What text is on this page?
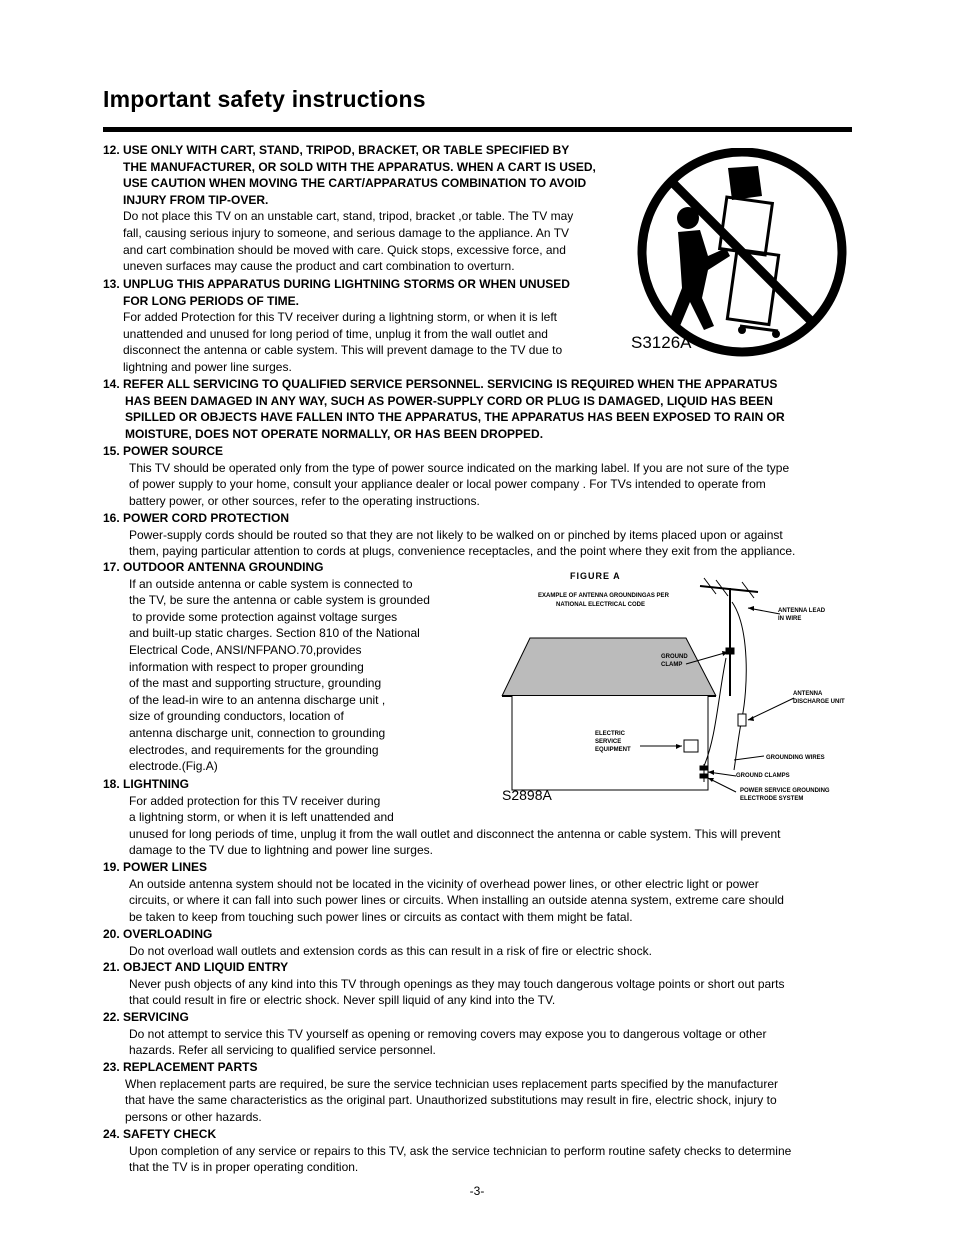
Important safety instructions
12. USE ONLY WITH CART, STAND, TRIPOD, BRACKET, OR TABLE SPECIFIED BY
THE MANUFACTURER, OR SOLD WITH THE APPARATUS. WHEN A CART IS USED,
USE CAUTION WHEN MOVING THE CART/APPARATUS COMBINATION TO AVOID
INJURY FROM TIP-OVER.
Do not place this TV on an unstable cart, stand, tripod, bracket ,or table. The TV may
fall, causing serious injury to someone, and serious damage to the appliance. An TV
and cart combination should be moved with care. Quick stops, excessive force, and
uneven surfaces may cause the product and cart combination to overturn.
13. UNPLUG THIS APPARATUS DURING LIGHTNING STORMS OR WHEN UNUSED
FOR LONG PERIODS OF TIME.
For added Protection for this TV receiver during a lightning storm, or when it is left
unattended and unused for long period of time, unplug it from the wall outlet and
disconnect the antenna or cable system. This will prevent damage to the TV due to
lightning and power line surges.
S3126A
14. REFER ALL SERVICING TO QUALIFIED SERVICE PERSONNEL. SERVICING IS REQUIRED WHEN THE APPARATUS
HAS BEEN DAMAGED IN ANY WAY, SUCH AS POWER-SUPPLY CORD OR PLUG IS DAMAGED, LIQUID HAS BEEN
SPILLED OR OBJECTS HAVE FALLEN INTO THE APPARATUS, THE APPARATUS HAS BEEN EXPOSED TO RAIN OR
MOISTURE, DOES NOT OPERATE NORMALLY, OR HAS BEEN DROPPED.
15. POWER SOURCE
This TV should be operated only from the type of power source indicated on the marking label. If you are not sure of the type
of power supply to your home, consult your appliance dealer or local power company . For TVs intended to operate from
battery power, or other sources, refer to the operating instructions.
16. POWER CORD PROTECTION
Power-supply cords should be routed so that they are not likely to be walked on or pinched by items placed upon or against
them, paying particular attention to cords at plugs, convenience receptacles, and the point where they exit from the appliance.
17. OUTDOOR ANTENNA GROUNDING
If an outside antenna or cable system is connected to
the TV, be sure the antenna or cable system is grounded
to provide some protection against voltage surges
and built-up static charges. Section 810 of the National
Electrical Code, ANSI/NFPANO.70,provides
information with respect to proper grounding
of the mast and supporting structure, grounding
of the lead-in wire to an antenna discharge unit ,
size of grounding conductors, location of
antenna discharge unit, connection to grounding
electrodes, and requirements for the grounding
electrode.(Fig.A)
FIGURE A
EXAMPLE OF ANTENNA GROUNDINGAS PER
NATIONAL ELECTRICAL CODE
ANTENNA LEAD
IN WIRE
GROUND
CLAMP
ANTENNA
DISCHARGE UNIT
ELECTRIC
SERVICE
EQUIPMENT
GROUNDING WIRES
GROUND CLAMPS
POWER SERVICE GROUNDING
ELECTRODE SYSTEM
S2898A
18. LIGHTNING
For added protection for this TV receiver during
a lightning storm, or when it is left unattended and
unused for long periods of time, unplug it from the wall outlet and disconnect the antenna or cable system. This will prevent
damage to the TV due to lightning and power line surges.
19. POWER LINES
An outside antenna system should not be located in the vicinity of overhead power lines, or other electric light or power
circuits, or where it can fall into such power lines or circuits. When installing an outside atenna system, extreme care should
be taken to keep from touching such power lines or circuits as contact with them might be fatal.
20. OVERLOADING
Do not overload wall outlets and extension cords as this can result in a risk of fire or electric shock.
21. OBJECT AND LIQUID ENTRY
Never push objects of any kind into this TV through openings as they may touch dangerous voltage points or short out parts
that could result in fire or electric shock. Never spill liquid of any kind into the TV.
22. SERVICING
Do not attempt to service this TV yourself as opening or removing covers may expose you to dangerous voltage or other
hazards. Refer all servicing to qualified service personnel.
23. REPLACEMENT PARTS
When replacement parts are required, be sure the service technician uses replacement parts specified by the manufacturer
that have the same characteristics as the original part. Unauthorized substitutions may result in fire, electric shock, injury to
persons or other hazards.
24. SAFETY CHECK
Upon completion of any service or repairs to this TV, ask the service technician to perform routine safety checks to determine
that the TV is in proper operating condition.
-3-
